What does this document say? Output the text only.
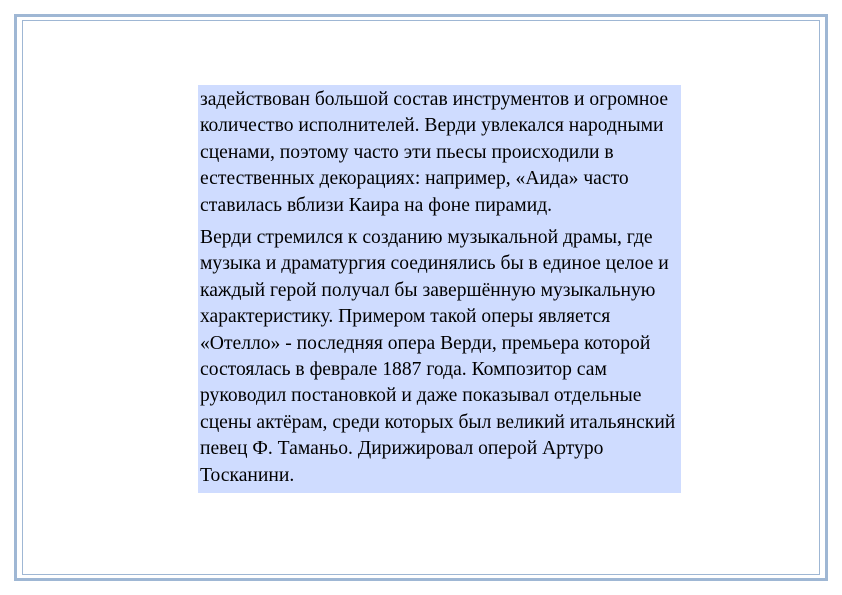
задействован большой состав инструментов и огромное количество исполнителей. Верди увлекался народными сценами, поэтому часто эти пьесы происходили в естественных декорациях: например, «Аида» часто ставилась вблизи Каира на фоне пирамид.

Верди стремился к созданию музыкальной драмы, где музыка и драматургия соединялись бы в единое целое и каждый герой получал бы завершённую музыкальную характеристику. Примером такой оперы является «Отелло» - последняя опера Верди, премьера которой состоялась в феврале 1887 года. Композитор сам руководил постановкой и даже показывал отдельные сцены актёрам, среди которых был великий итальянский певец Ф. Таманьо. Дирижировал оперой Артуро Тосканини.
